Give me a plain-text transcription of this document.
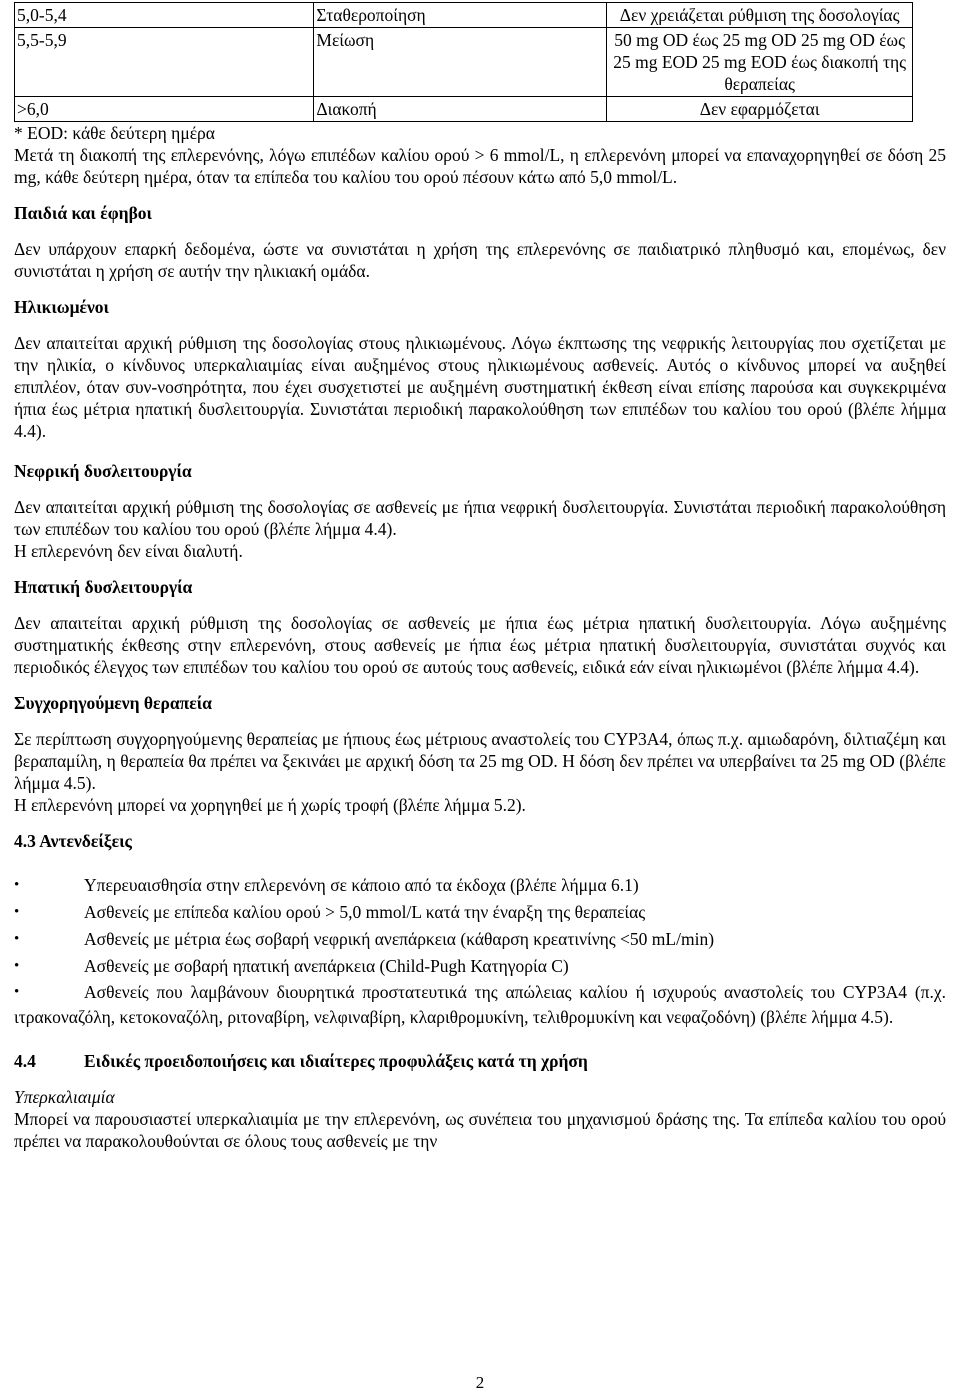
5,0-5,4	Σταθεροποίηση	Δεν χρειάζεται ρύθμιση της δοσολογίας
5,5-5,9	Μείωση	50 mg OD έως 25 mg OD 25 mg OD έως 25 mg EOD 25 mg EOD έως διακοπή της θεραπείας
>6,0	Διακοπή	Δεν εφαρμόζεται
* EOD: κάθε δεύτερη ημέρα
Μετά τη διακοπή της επλερενόνης, λόγω επιπέδων καλίου ορού > 6 mmol/L, η επλερενόνη μπορεί να επαναχορηγηθεί σε δόση 25 mg, κάθε δεύτερη ημέρα, όταν τα επίπεδα του καλίου του ορού πέσουν κάτω από 5,0 mmol/L.
Παιδιά και έφηβοι
Δεν υπάρχουν επαρκή δεδομένα, ώστε να συνιστάται η χρήση της επλερενόνης σε παιδιατρικό πληθυσμό και, επομένως, δεν συνιστάται η χρήση σε αυτήν την ηλικιακή ομάδα.
Ηλικιωμένοι
Δεν απαιτείται αρχική ρύθμιση της δοσολογίας στους ηλικιωμένους. Λόγω έκπτωσης της νεφρικής λειτουργίας που σχετίζεται με την ηλικία, ο κίνδυνος υπερκαλιαιμίας είναι αυξημένος στους ηλικιωμένους ασθενείς. Αυτός ο κίνδυνος μπορεί να αυξηθεί επιπλέον, όταν συν-νοσηρότητα, που έχει συσχετιστεί με αυξημένη συστηματική έκθεση είναι επίσης παρούσα και συγκεκριμένα ήπια έως μέτρια ηπατική δυσλειτουργία. Συνιστάται περιοδική παρακολούθηση των επιπέδων του καλίου του ορού (βλέπε λήμμα 4.4).
Νεφρική δυσλειτουργία
Δεν απαιτείται αρχική ρύθμιση της δοσολογίας σε ασθενείς με ήπια νεφρική δυσλειτουργία. Συνιστάται περιοδική παρακολούθηση των επιπέδων του καλίου του ορού (βλέπε λήμμα 4.4).
Η επλερενόνη δεν είναι διαλυτή.
Ηπατική δυσλειτουργία
Δεν απαιτείται αρχική ρύθμιση της δοσολογίας σε ασθενείς με ήπια έως μέτρια ηπατική δυσλειτουργία. Λόγω αυξημένης συστηματικής έκθεσης στην επλερενόνη, στους ασθενείς με ήπια έως μέτρια ηπατική δυσλειτουργία, συνιστάται συχνός και περιοδικός έλεγχος των επιπέδων του καλίου του ορού σε αυτούς τους ασθενείς, ειδικά εάν είναι ηλικιωμένοι (βλέπε λήμμα 4.4).
Συγχορηγούμενη θεραπεία
Σε περίπτωση συγχορηγούμενης θεραπείας με ήπιους έως μέτριους αναστολείς του CYP3A4, όπως π.χ. αμιωδαρόνη, διλτιαζέμη και βεραπαμίλη, η θεραπεία θα πρέπει να ξεκινάει με αρχική δόση τα 25 mg OD. Η δόση δεν πρέπει να υπερβαίνει τα 25 mg OD (βλέπε λήμμα 4.5).
Η επλερενόνη μπορεί να χορηγηθεί με ή χωρίς τροφή (βλέπε λήμμα 5.2).
4.3 Αντενδείξεις
•	Υπερευαισθησία στην επλερενόνη σε κάποιο από τα έκδοχα (βλέπε λήμμα 6.1)
•	Ασθενείς με επίπεδα καλίου ορού > 5,0 mmol/L κατά την έναρξη της θεραπείας
•	Ασθενείς με μέτρια έως σοβαρή νεφρική ανεπάρκεια (κάθαρση κρεατινίνης <50 mL/min)
•	Ασθενείς με σοβαρή ηπατική ανεπάρκεια (Child-Pugh Κατηγορία C)
•	Ασθενείς που λαμβάνουν διουρητικά προστατευτικά της απώλειας καλίου ή ισχυρούς αναστολείς του CYP3A4 (π.χ. ιτρακοναζόλη, κετοκοναζόλη, ριτοναβίρη, νελφιναβίρη, κλαριθρομυκίνη, τελιθρομυκίνη και νεφαζοδόνη) (βλέπε λήμμα 4.5).
4.4	Ειδικές προειδοποιήσεις και ιδιαίτερες προφυλάξεις κατά τη χρήση
Υπερκαλιαιμία
Μπορεί να παρουσιαστεί υπερκαλιαιμία με την επλερενόνη, ως συνέπεια του μηχανισμού δράσης της. Τα επίπεδα καλίου του ορού πρέπει να παρακολουθούνται σε όλους τους ασθενείς με την
2
